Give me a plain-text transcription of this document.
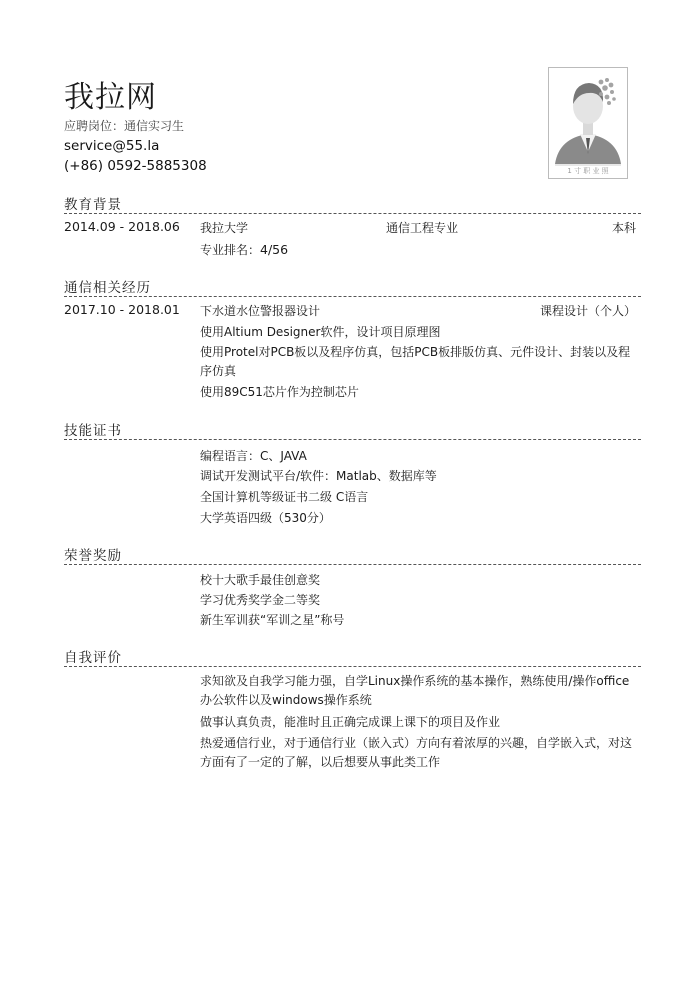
我拉网
应聘岗位：通信实习生
service@55.la
(+86) 0592-5885308	1 寸 职 业 照
教育背景
2014.09 - 2018.06 我拉大学	通信工程专业	本科
专业排名：4/56
通信相关经历
2017.10 - 2018.01 下水道水位警报器设计	课程设计（个人）
使用Altium Designer软件，设计项目原理图
使用Protel对PCB板以及程序仿真，包括PCB板排版仿真、元件设计、封装以及程序仿真
使用89C51芯片作为控制芯片
技能证书
编程语言：C、JAVA
调试开发测试平台/软件：Matlab、数据库等
全国计算机等级证书二级 C语言
大学英语四级（530分）
荣誉奖励
校十大歌手最佳创意奖
学习优秀奖学金二等奖
新生军训获“军训之星”称号
自我评价
求知欲及自我学习能力强，自学Linux操作系统的基本操作，熟练使用/操作office办公软件以及windows操作系统
做事认真负责，能准时且正确完成课上课下的项目及作业
热爱通信行业，对于通信行业（嵌入式）方向有着浓厚的兴趣，自学嵌入式，对这方面有了一定的了解，以后想要从事此类工作
